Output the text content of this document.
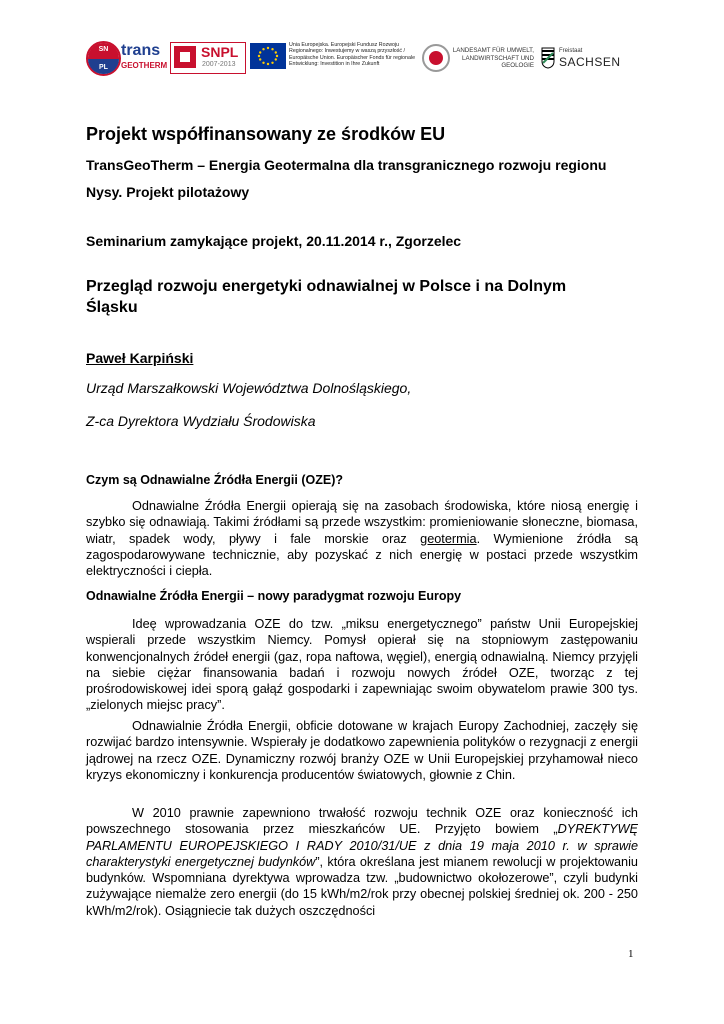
SN
PL
trans
GEOTHERM
SNPL
2007-2013
Unia Europejska. Europejski Fundusz Rozwoju Regionalnego: Inwestujemy w waszą przyszłość / Europäische Union. Europäischer Fonds für regionale Entwicklung: Investition in Ihre Zukunft
LANDESAMT FÜR UMWELT, LANDWIRTSCHAFT UND GEOLOGIE
Freistaat
SACHSEN
Projekt współfinansowany ze środków EU
TransGeoTherm – Energia Geotermalna dla transgranicznego rozwoju regionu
Nysy. Projekt pilotażowy
Seminarium zamykające projekt, 20.11.2014 r., Zgorzelec
Przegląd rozwoju energetyki odnawialnej w Polsce i na Dolnym
Śląsku
Paweł Karpiński
Urząd Marszałkowski Województwa Dolnośląskiego,
Z-ca Dyrektora Wydziału Środowiska
Czym są Odnawialne Źródła Energii (OZE)?
Odnawialne Źródła Energii opierają się na zasobach środowiska, które niosą energię i szybko się odnawiają. Takimi źródłami są przede wszystkim: promieniowanie słoneczne, biomasa, wiatr, spadek wody, pływy i fale morskie oraz geotermia. Wymienione źródła są zagospodarowywane technicznie, aby pozyskać z nich energię w postaci przede wszystkim elektryczności i ciepła.
Odnawialne Źródła Energii – nowy paradygmat rozwoju Europy
Ideę wprowadzania OZE do tzw. „miksu energetycznego” państw Unii Europejskiej wspierali przede wszystkim Niemcy. Pomysł opierał się na stopniowym zastępowaniu konwencjonalnych źródeł energii (gaz, ropa naftowa, węgiel), energią odnawialną. Niemcy przyjęli na siebie ciężar finansowania badań i rozwoju nowych źródeł OZE, tworząc z tej prośrodowiskowej idei sporą gałąź gospodarki i zapewniając swoim obywatelom prawie 300 tys. „zielonych miejsc pracy”.
Odnawialnie Źródła Energii, obficie dotowane w krajach Europy Zachodniej, zaczęły się rozwijać bardzo intensywnie. Wspierały je dodatkowo zapewnienia polityków o rezygnacji z energii jądrowej na rzecz OZE. Dynamiczny rozwój branży OZE w Unii Europejskiej przyhamował nieco kryzys ekonomiczny i konkurencja producentów światowych, głownie z Chin.
W 2010 prawnie zapewniono trwałość rozwoju technik OZE oraz konieczność ich powszechnego stosowania przez mieszkańców UE. Przyjęto bowiem „DYREKTYWĘ PARLAMENTU EUROPEJSKIEGO I RADY 2010/31/UE z dnia 19 maja 2010 r. w sprawie charakterystyki energetycznej budynków”, która określana jest mianem rewolucji w projektowaniu budynków. Wspomniana dyrektywa wprowadza tzw. „budownictwo okołozerowe”, czyli budynki zużywające niemalże zero energii (do 15 kWh/m2/rok przy obecnej polskiej średniej ok. 200 - 250 kWh/m2/rok). Osiągniecie tak dużych oszczędności
1
